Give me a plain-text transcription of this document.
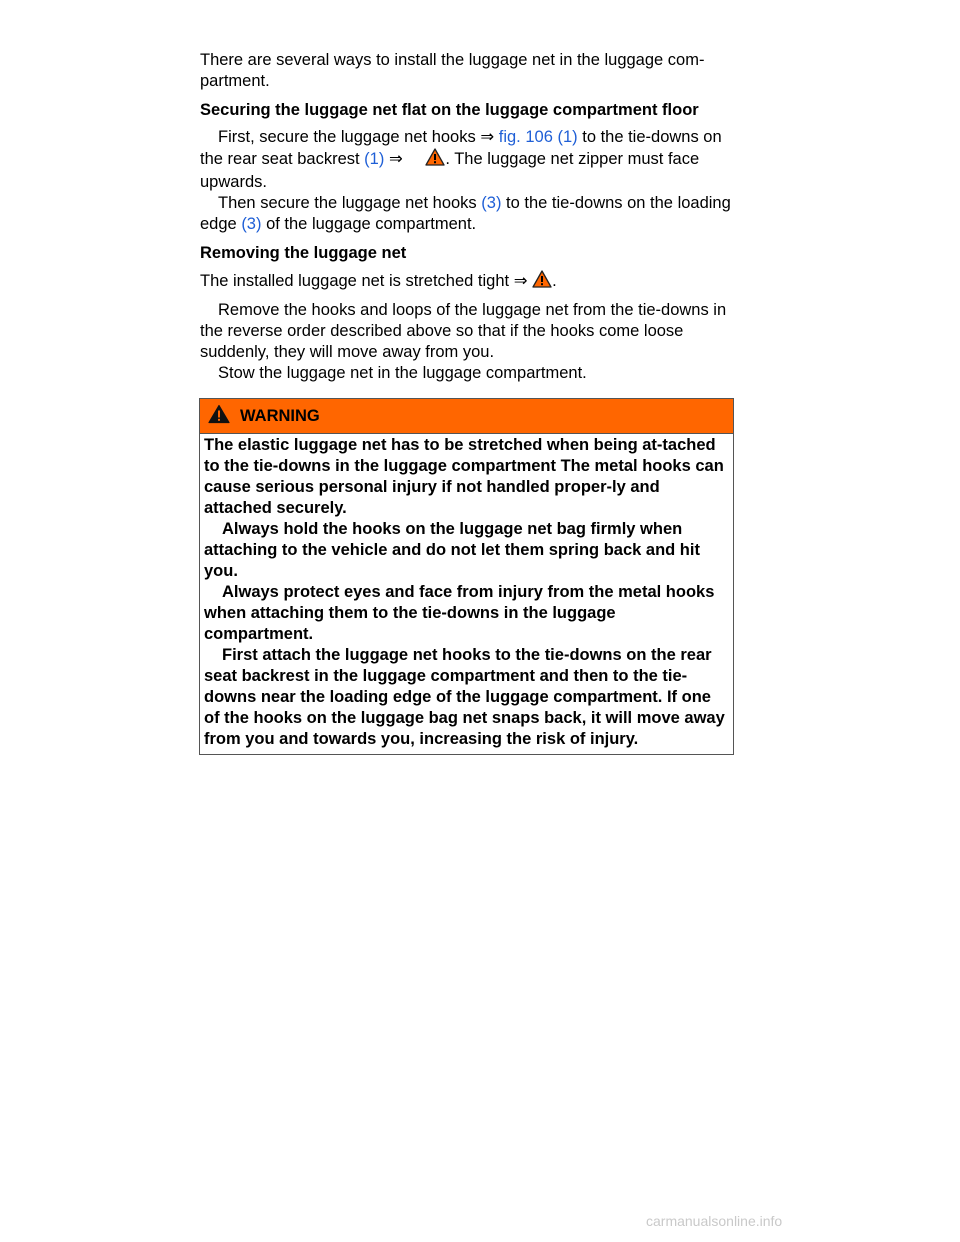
There are several ways to install the luggage net in the luggage com-partment.

Securing the luggage net flat on the luggage compartment floor

First, secure the luggage net hooks ⇒ fig. 106 (1) to the tie-downs on the rear seat backrest (1) ⇒	. The luggage net zipper must face upwards.

Then secure the luggage net hooks (3) to the tie-downs on the loading edge (3) of the luggage compartment.

Removing the luggage net

The installed luggage net is stretched tight ⇒ .

Remove the hooks and loops of the luggage net from the tie-downs in the reverse order described above so that if the hooks come loose suddenly, they will move away from you.

Stow the luggage net in the luggage compartment.

WARNING

The elastic luggage net has to be stretched when being at-tached to the tie-downs in the luggage compartment The metal hooks can cause serious personal injury if not handled proper-ly and attached securely.

Always hold the hooks on the luggage net bag firmly when attaching to the vehicle and do not let them spring back and hit you.

Always protect eyes and face from injury from the metal hooks when attaching them to the tie-downs in the luggage compartment.

First attach the luggage net hooks to the tie-downs on the rear seat backrest in the luggage compartment and then to the tie-downs near the loading edge of the luggage compartment. If one of the hooks on the luggage bag net snaps back, it will move away from you and towards you, increasing the risk of injury.

carmanualsonline.info
